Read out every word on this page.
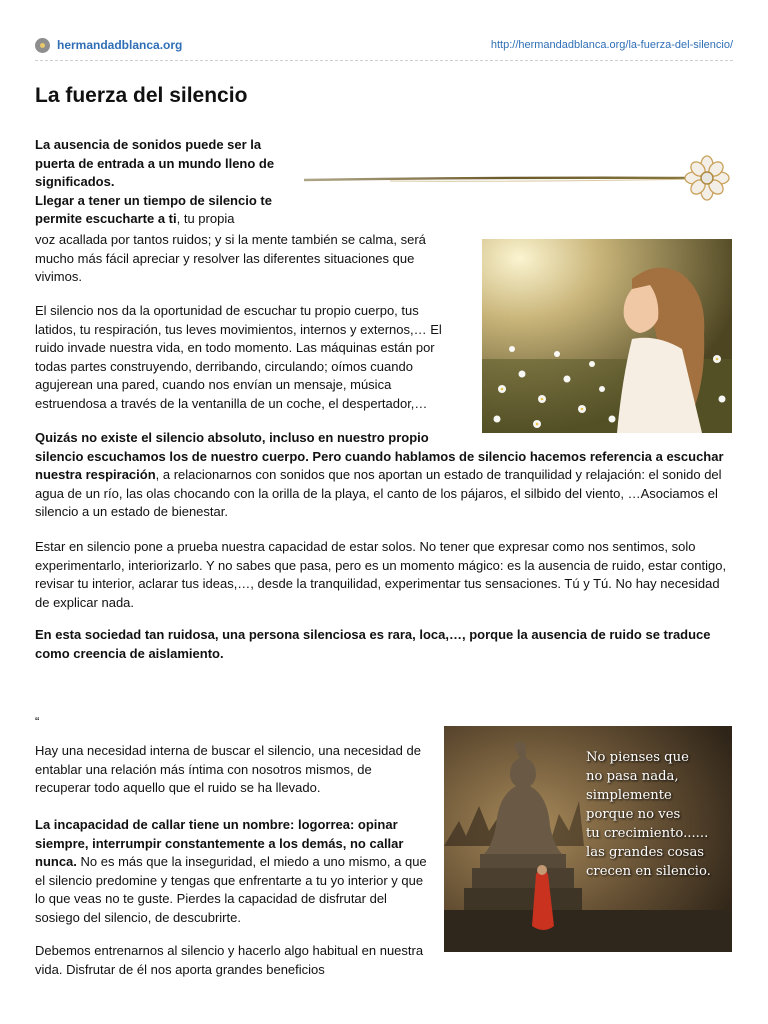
hermandadblanca.org	http://hermandadblanca.org/la-fuerza-del-silencio/
La fuerza del silencio

La ausencia de sonidos puede ser la puerta de entrada a un mundo lleno de significados.
Llegar a tener un tiempo de silencio te permite escucharte a ti, tu propia

voz acallada por tantos ruidos; y si la mente también se calma, será mucho más fácil apreciar y resolver las diferentes situaciones que vivimos.

El silencio nos da la oportunidad de escuchar tu propio cuerpo, tus latidos, tu respiración, tus leves movimientos, internos y externos,… El ruido invade nuestra vida, en todo momento. Las máquinas están por todas partes construyendo, derribando, circulando; oímos cuando agujerean una pared, cuando nos envían un mensaje, música estruendosa a través de la ventanilla de un coche, el despertador,…

Quizás no existe el silencio absoluto, incluso en nuestro propio
silencio escuchamos los de nuestro cuerpo. Pero cuando hablamos de silencio hacemos referencia a escuchar nuestra respiración, a relacionarnos con sonidos que nos aportan un estado de tranquilidad y relajación: el sonido del agua de un río, las olas chocando con la orilla de la playa, el canto de los pájaros, el silbido del viento, …Asociamos el silencio a un estado de bienestar.

Estar en silencio pone a prueba nuestra capacidad de estar solos. No tener que expresar como nos sentimos, solo experimentarlo, interiorizarlo. Y no sabes que pasa, pero es un momento mágico: es la ausencia de ruido, estar contigo, revisar tu interior, aclarar tus ideas,…, desde la tranquilidad, experimentar tus sensaciones. Tú y Tú. No hay necesidad de explicar nada.

En esta sociedad tan ruidosa, una persona silenciosa es rara, loca,…, porque la ausencia de ruido se traduce como creencia de aislamiento.

“

Hay una necesidad interna de buscar el silencio, una necesidad de entablar una relación más íntima con nosotros mismos, de recuperar todo aquello que el ruido se ha llevado.

La incapacidad de callar tiene un nombre: logorrea: opinar siempre, interrumpir constantemente a los demás, no callar nunca. No es más que la inseguridad, el miedo a uno mismo, a que el silencio predomine y tengas que enfrentarte a tu yo interior y que lo que veas no te guste. Pierdes la capacidad de disfrutar del sosiego del silencio, de descubrirte.

Debemos entrenarnos al silencio y hacerlo algo habitual en nuestra vida. Disfrutar de él nos aporta grandes beneficios

No pienses que
no pasa nada,
simplemente
porque no ves
tu crecimiento......
las grandes cosas
crecen en silencio.
